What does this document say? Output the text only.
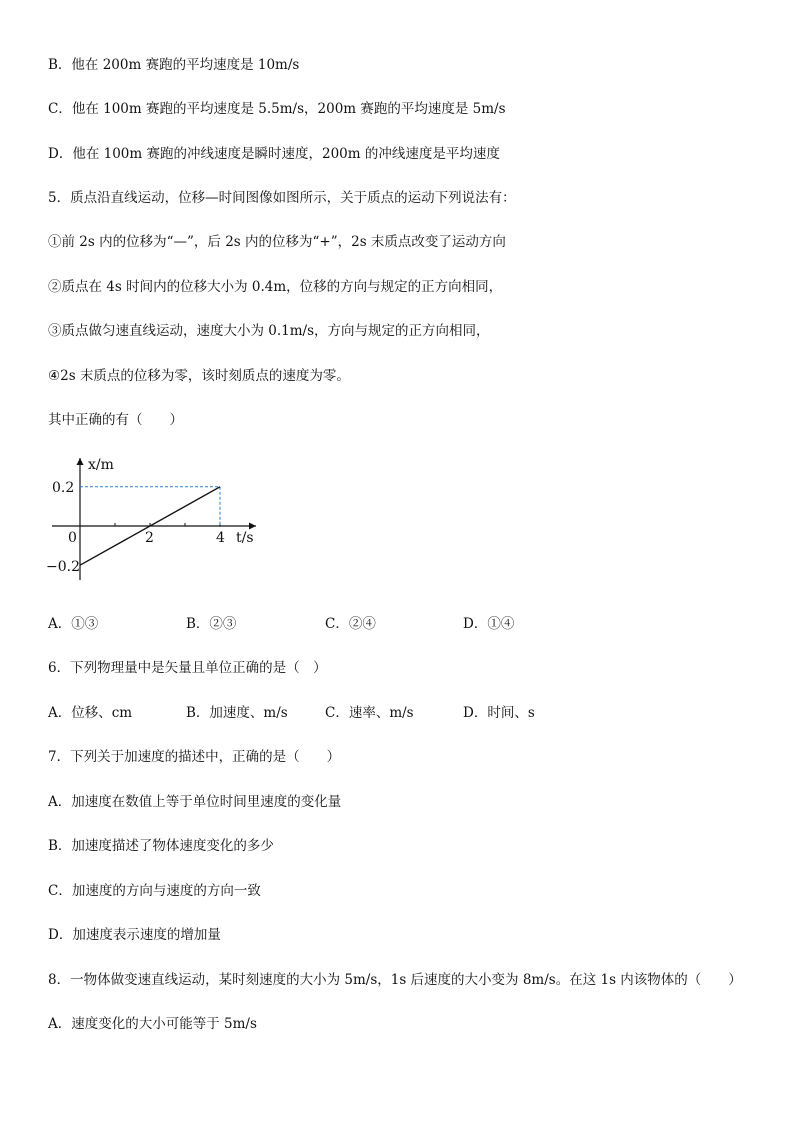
B．他在 200m 赛跑的平均速度是 10m/s

C．他在 100m 赛跑的平均速度是 5.5m/s，200m 赛跑的平均速度是 5m/s

D．他在 100m 赛跑的冲线速度是瞬时速度，200m 的冲线速度是平均速度

5．质点沿直线运动，位移—时间图像如图所示，关于质点的运动下列说法有：

①前 2s 内的位移为“—”，后 2s 内的位移为“+”，2s 末质点改变了运动方向

②质点在 4s 时间内的位移大小为 0.4m，位移的方向与规定的正方向相同，

③质点做匀速直线运动，速度大小为 0.1m/s，方向与规定的正方向相同，

④2s 末质点的位移为零，该时刻质点的速度为零。

其中正确的有（　　）

x/m
t/s
0	2	4
0.2
−0.2
A．①③	B．②③	C．②④	D．①④

6．下列物理量中是矢量且单位正确的是（　）

A．位移、cm	B．加速度、m/s	C．速率、m/s	D．时间、s

7．下列关于加速度的描述中，正确的是（　　）

A．加速度在数值上等于单位时间里速度的变化量

B．加速度描述了物体速度变化的多少

C．加速度的方向与速度的方向一致

D．加速度表示速度的增加量

8．一物体做变速直线运动，某时刻速度的大小为 5m/s，1s 后速度的大小变为 8m/s。在这 1s 内该物体的（　　）

A．速度变化的大小可能等于 5m/s
